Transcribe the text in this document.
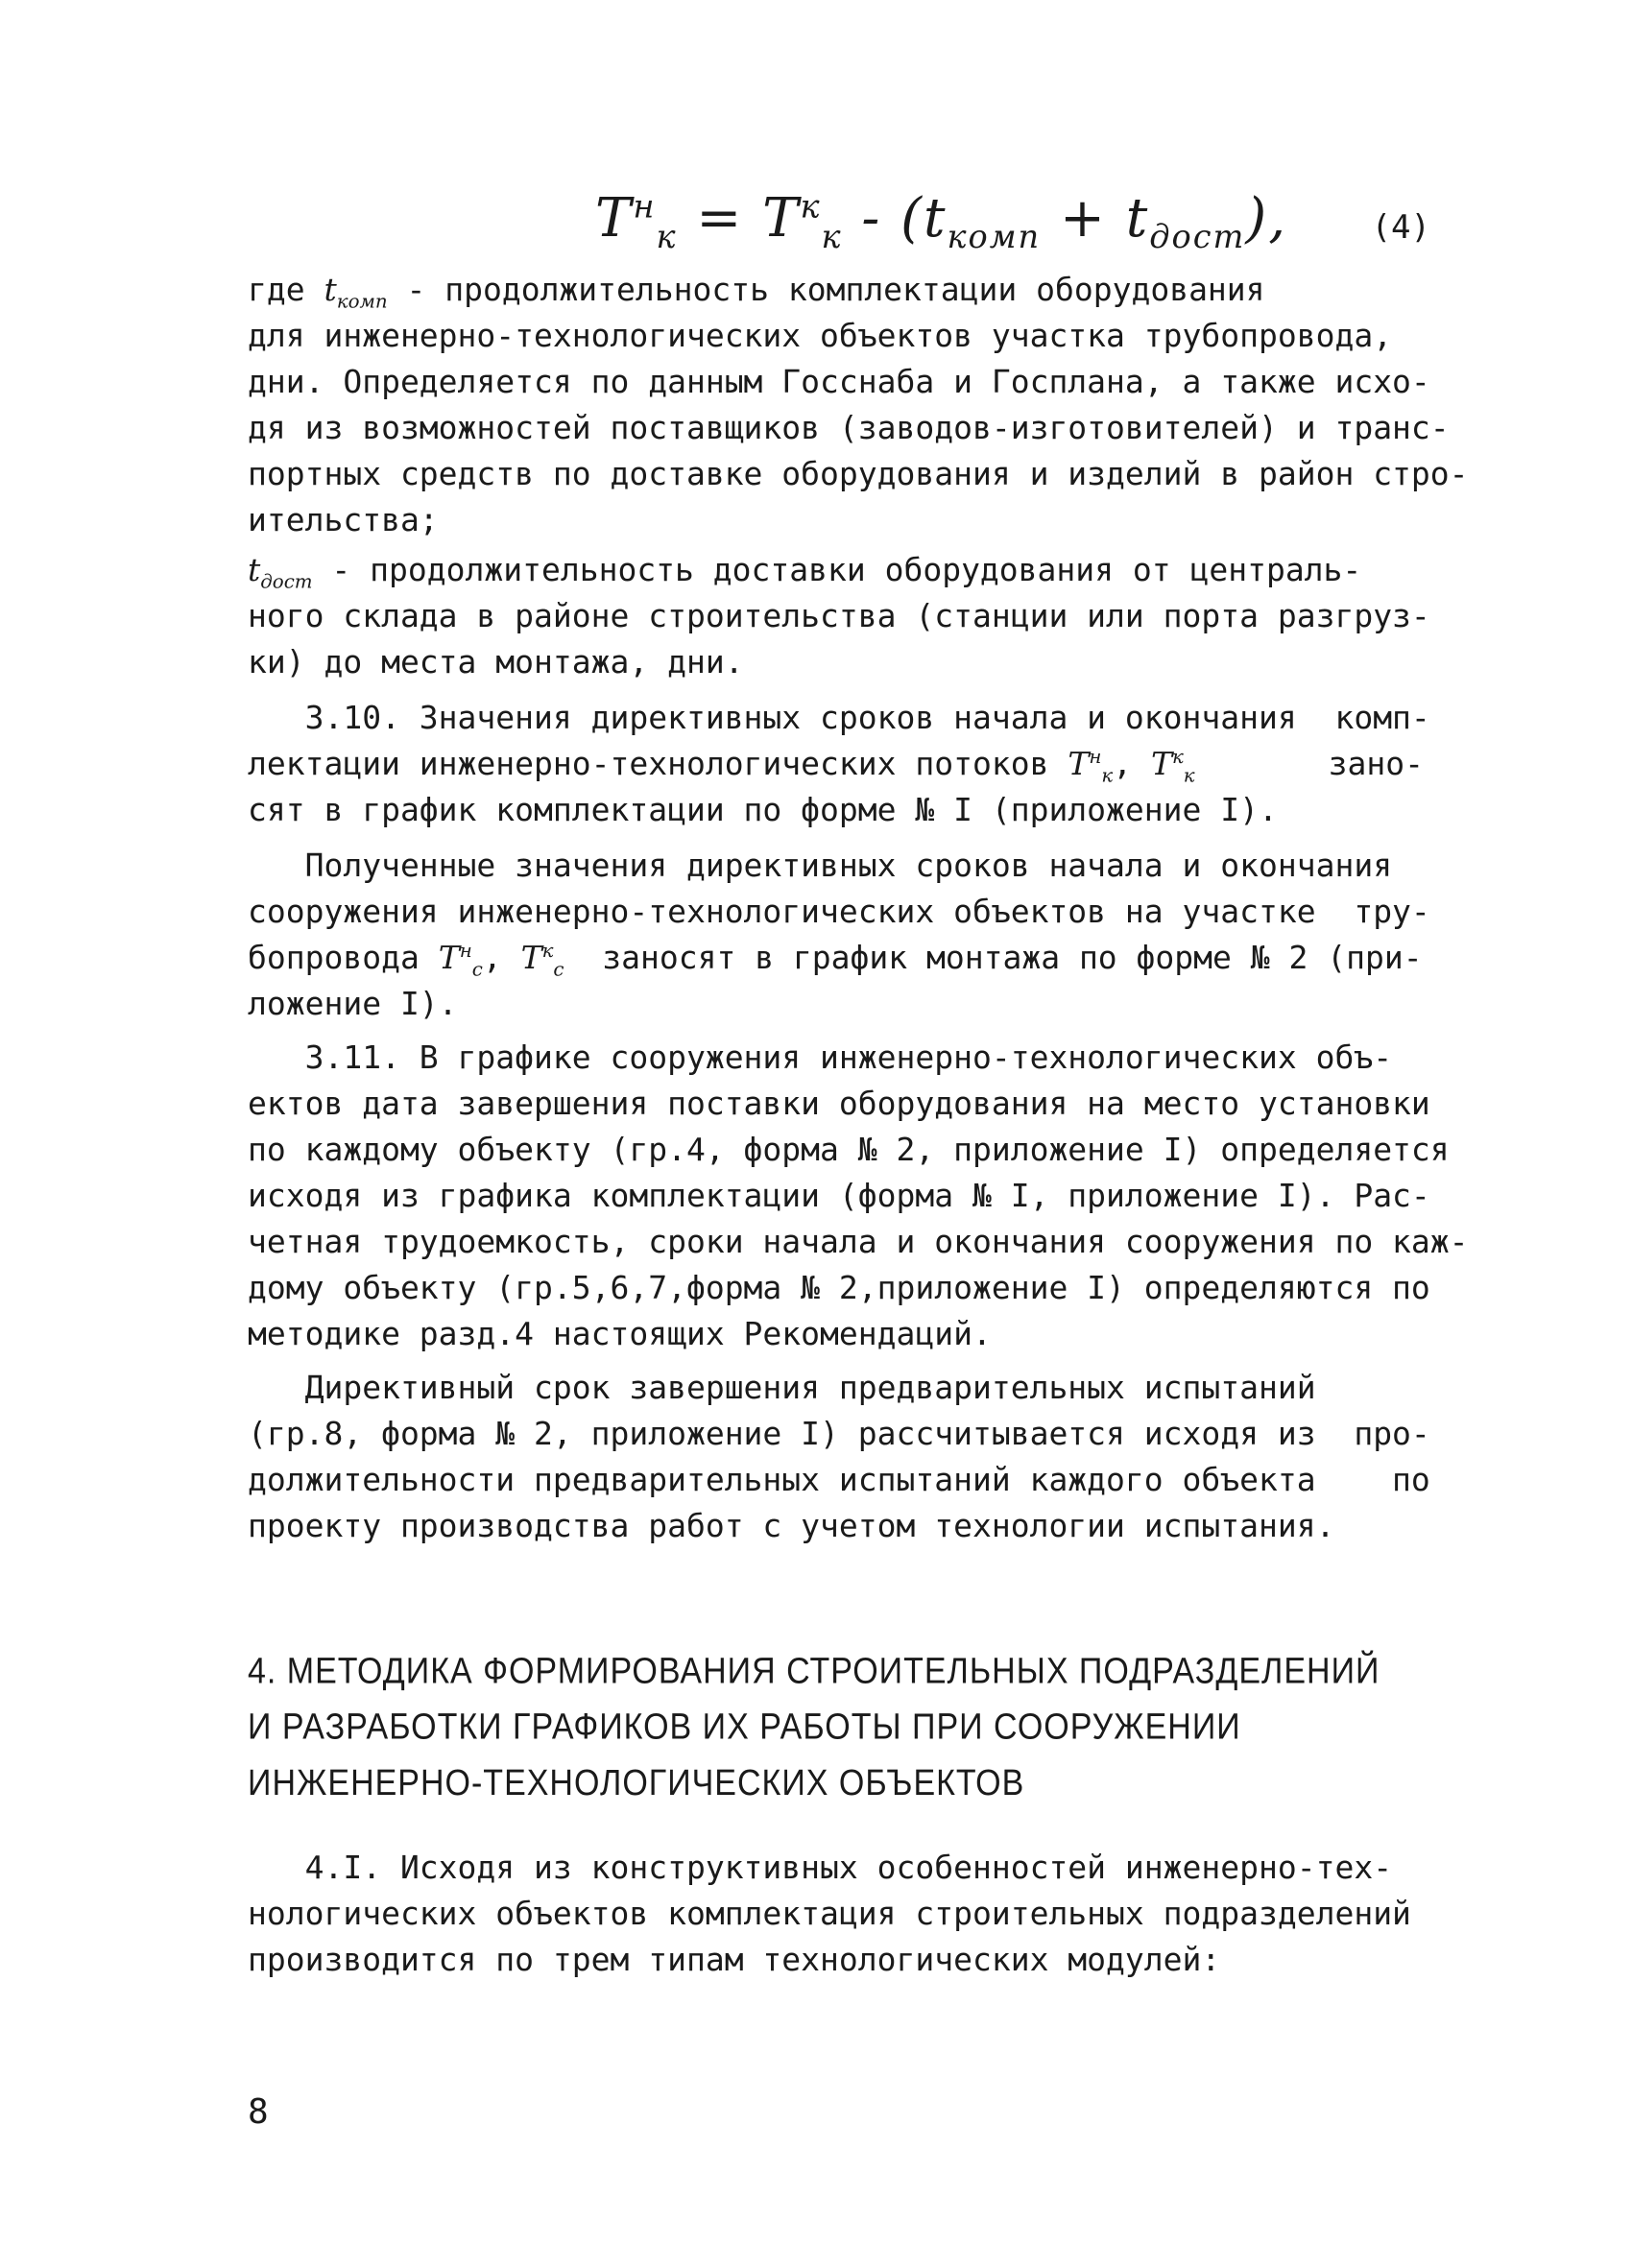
$T^н_к = T^к_к - (t_{комп} + t_{дост})$,	(4)
где $t_{комп}$ - продолжительность комплектации оборудования
для инженерно-технологических объектов участка трубопровода,
дни. Определяется по данным Госснаба и Госплана, а также исхо-
дя из возможностей поставщиков (заводов-изготовителей) и транс-
портных средств по доставке оборудования и изделий в район стро-
ительства;
$t_{дост}$ - продолжительность доставки оборудования от централь-
ного склада в районе строительства (станции или порта разгруз-
ки) до места монтажа, дни.
3.10. Значения директивных сроков начала и окончания  комп-
лектации инженерно-технологических потоков $T^н_к$, $T^к_к$       зано-
сят в график комплектации по форме № I (приложение I).
Полученные значения директивных сроков начала и окончания
сооружения инженерно-технологических объектов на участке  тру-
бопровода $T^н_с$, $T^к_с$  заносят в график монтажа по форме № 2 (при-
ложение I).
3.11. В графике сооружения инженерно-технологических объ-
ектов дата завершения поставки оборудования на место установки
по каждому объекту (гр.4, форма № 2, приложение I) определяется
исходя из графика комплектации (форма № I, приложение I). Рас-
четная трудоемкость, сроки начала и окончания сооружения по каж-
дому объекту (гр.5,6,7,форма № 2,приложение I) определяются по
методике разд.4 настоящих Рекомендаций.
Директивный срок завершения предварительных испытаний
(гр.8, форма № 2, приложение I) рассчитывается исходя из  про-
должительности предварительных испытаний каждого объекта    по
проекту производства работ с учетом технологии испытания.
4. МЕТОДИКА ФОРМИРОВАНИЯ СТРОИТЕЛЬНЫХ ПОДРАЗДЕЛЕНИЙ
И РАЗРАБОТКИ ГРАФИКОВ ИХ РАБОТЫ ПРИ СООРУЖЕНИИ
ИНЖЕНЕРНО-ТЕХНОЛОГИЧЕСКИХ ОБЪЕКТОВ
4.I. Исходя из конструктивных особенностей инженерно-тех-
нологических объектов комплектация строительных подразделений
производится по трем типам технологических модулей:
8
